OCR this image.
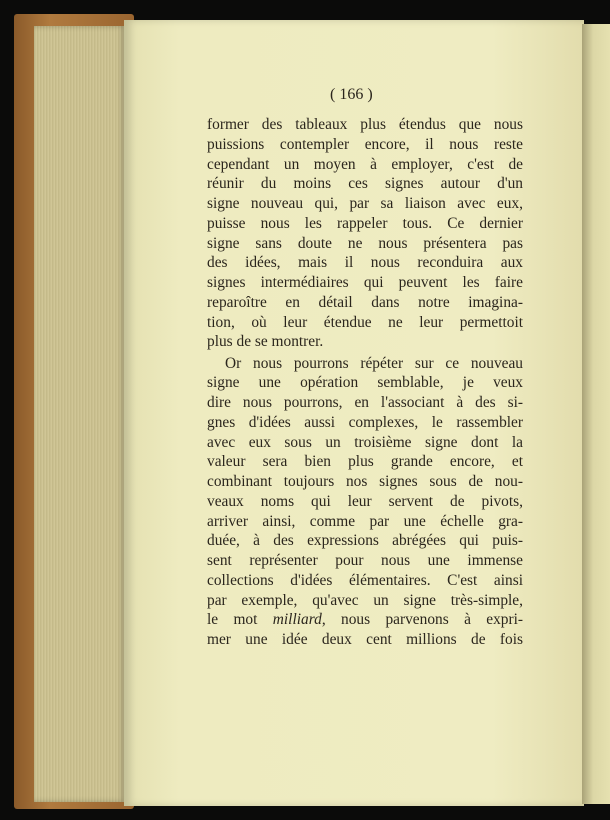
( 166 )
former des tableaux plus étendus que nous
puissions contempler encore, il nous reste
cependant un moyen à employer, c'est de
réunir du moins ces signes autour d'un
signe nouveau qui, par sa liaison avec eux,
puisse nous les rappeler tous. Ce dernier
signe sans doute ne nous présentera pas
des idées, mais il nous reconduira aux
signes intermédiaires qui peuvent les faire
reparoître en détail dans notre imagina-
tion, où leur étendue ne leur permettoit
plus de se montrer.
Or nous pourrons répéter sur ce nouveau
signe une opération semblable, je veux
dire nous pourrons, en l'associant à des si-
gnes d'idées aussi complexes, le rassembler
avec eux sous un troisième signe dont la
valeur sera bien plus grande encore, et
combinant toujours nos signes sous de nou-
veaux noms qui leur servent de pivots,
arriver ainsi, comme par une échelle gra-
duée, à des expressions abrégées qui puis-
sent représenter pour nous une immense
collections d'idées élémentaires. C'est ainsi
par exemple, qu'avec un signe très-simple,
le mot milliard, nous parvenons à expri-
mer une idée deux cent millions de fois
